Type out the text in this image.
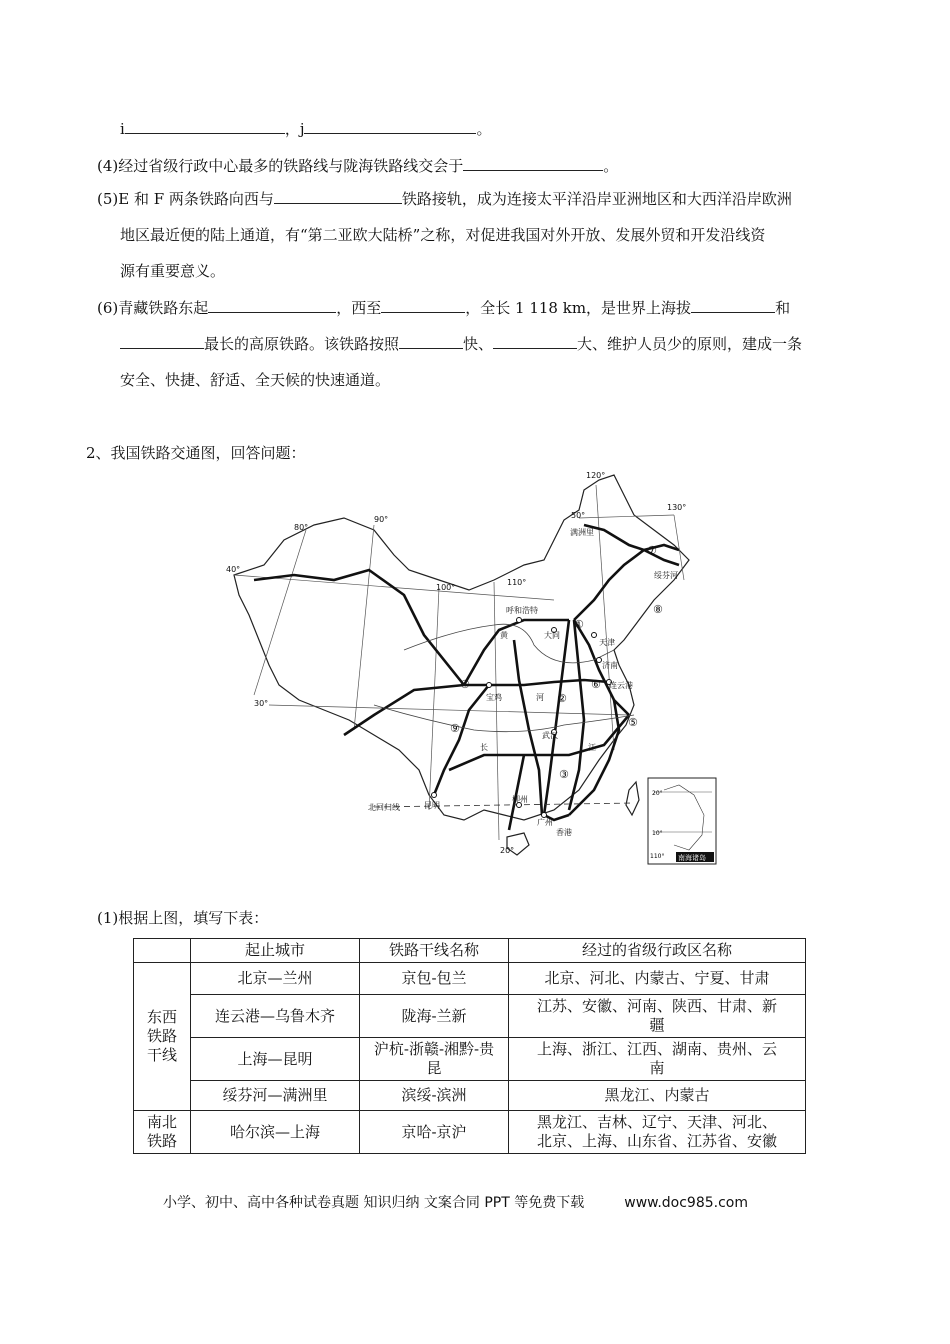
i	，j	。
(4)经过省级行政中心最多的铁路线与陇海铁路线交会于	。
(5)E 和 F 两条铁路向西与	铁路接轨，成为连接太平洋沿岸亚洲地区和大西洋沿岸欧洲
地区最近便的陆上通道，有“第二亚欧大陆桥”之称，对促进我国对外开放、发展外贸和开发沿线资
源有重要意义。
(6)青藏铁路东起	，西至	，全长 1 118 km，是世界上海拔	和
最长的高原铁路。该铁路按照	快、	大、维护人员少的原则，建成一条
安全、快捷、舒适、全天候的快速通道。
2、我国铁路交通图，回答问题：
80°
90°
100°
110°
120°
130°
40°
50°
30°
20°
满洲里
绥芬河
呼和浩特
大同
天津
济南
连云港
宝鸡
武汉
昆明
柳州
广州
香港
北回归线
黄
河
长	江
①
②
③
④
⑤
⑥
⑦
⑧
⑨
20°
10°
110° 南海诸岛
(1)根据上图，填写下表：
	起止城市	铁路干线名称	经过的省级行政区名称
东西
铁路
干线	北京—兰州	京包-包兰	北京、河北、内蒙古、宁夏、甘肃
	连云港—乌鲁木齐	陇海-兰新	江苏、安徽、河南、陕西、甘肃、新
疆
	上海—昆明	沪杭-浙赣-湘黔-贵
昆	上海、浙江、江西、湖南、贵州、云
南
	绥芬河—满洲里	滨绥-滨洲	黑龙江、内蒙古
南北
铁路	哈尔滨—上海	京哈-京沪	黑龙江、吉林、辽宁、天津、河北、
北京、上海、山东省、江苏省、安徽
小学、初中、高中各种试卷真题 知识归纳 文案合同 PPT 等免费下载	www.doc985.com
